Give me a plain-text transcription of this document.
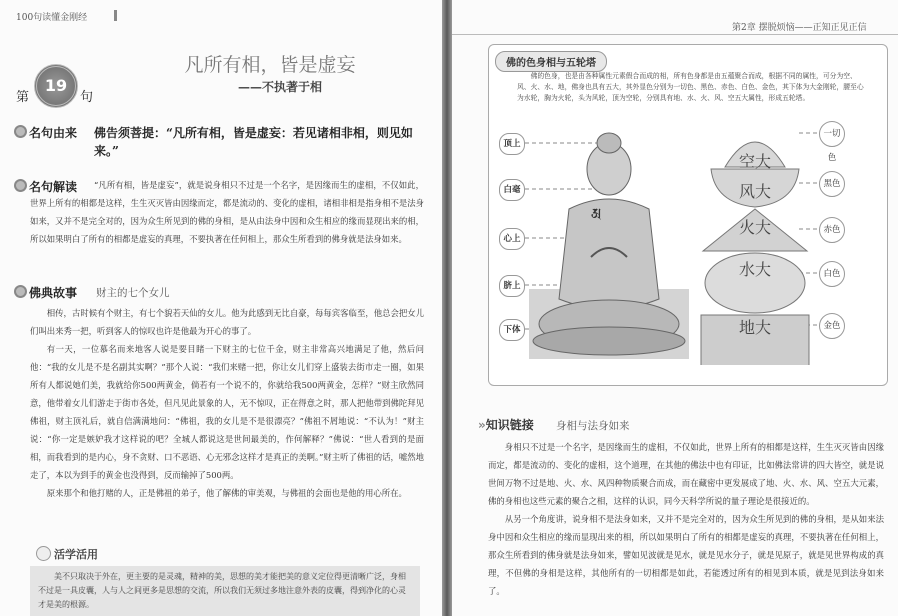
100句读懂金刚经
第
19
句
凡所有相，皆是虚妄
——不执著于相
名句由来 佛告须菩提：“凡所有相，皆是虚妄：若见诸相非相，则见如来。”
名句解读	“凡所有相，皆是虚妄”，就是说身相只不过是一个名字，是因缘而生的虚相，不仅如此，世界上所有的相都是这样，生生灭灭皆由因缘而定，都是流动的、变化的虚相，诸相非相是指身相不是法身如来，又并不是完全对的，因为众生所见到的佛的身相，是从由法身中因和众生相应的缘而显现出来的相，所以如果明白了所有的相都是虚妄的真理，不要执著在任何相上，那众生所看到的佛身就是法身如来。
佛典故事 财主的七个女儿

相传，古时候有个财主，有七个貌若天仙的女儿。他为此感到无比自豪，每每宾客临至，他总会把女儿们叫出来秀一把，听到客人的惊叹也许是他最为开心的事了。

有一天，一位慕名而来地客人说是要目睹一下财主的七位千金，财主非常高兴地满足了他，然后问他：“我的女儿是不是名副其实啊？”那个人说：“我们来赌一把，你让女儿们穿上盛装去街市走一圈，如果所有人都说她们美，我就给你500两黄金，倘若有一个说不的，你就给我500两黄金，怎样？”财主欣然同意，他带着女儿们游走于街市各处，但凡见此景象的人，无不惊叹，正在得意之时，那人把他带到佛陀拜见佛祖，财主顶礼后，就自信满满地问：“佛祖，我的女儿是不是很漂亮？”佛祖不屑地说：“不认为！”财主说：“你一定是嫉妒我才这样说的吧？全城人都说这是世间最美的，作何解释？”佛说：“世人看到的是面相，而我看到的是内心，身不贪财、口不恶语、心无邪念这样才是真正的美啊。”财主听了佛祖的话，嘘然地走了，本以为到手的黄金也没得到，反而输掉了500两。

原来那个和他打赌的人，正是佛祖的弟子，他了解佛的审美观，与佛祖的会面也是他的用心所在。

活学活用
美不只取决于外在，更主要的是灵魂，精神的美，思想的美才能把美的意义定位得更清晰广泛，身相不过是一具皮囊，人与人之间更多是思想的交流，所以我们无须过多地注意外表的皮囊，得到净化的心灵才是美的根源。
第2章 摆脱烦恼——正知正见正信
佛的色身相与五轮塔
佛的色身，也是由各种属性元素假合而成的相，所有色身都是由五蕴聚合而成，根据不同的属性，可分为空、风、火、水、地，佛身也具有五大，其外显色分别为一切色、黑色、赤色、白色、金色，其下体为大金刚轮，腰至心为水轮，胸为火轮，头为风轮，顶为空轮，分别具有地、水、火、风、空五大属性，形成五轮塔。
𑖀
空大
风大
火大
水大
地大
顶上
白毫
心上
脐上
下体
一切色
黑色
赤色
白色
金色
»知识链接 身相与法身如来

身相只不过是一个名字，是因缘而生的虚相，不仅如此，世界上所有的相都是这样，生生灭灭皆由因缘而定，都是流动的、变化的虚相，这个道理，在其他的佛法中也有印证，比如佛法常讲的四大皆空，就是说世间万物不过是地、火、水、风四种物质聚合而成，而在藏密中更发展成了地、火、水、风、空五大元素，佛的身相也这些元素的聚合之相，这样的认识，同今天科学所说的量子理论是很接近的。

从另一个角度讲，说身相不是法身如来，又并不是完全对的，因为众生所见到的佛的身相，是从如来法身中因和众生相应的缘而显现出来的相，所以如果明白了所有的相都是虚妄的真理，不要执著在任何相上，那众生所看到的佛身就是法身如来，譬如见波就是见水，就是见水分子，就是见原子，就是见世界构成的真理，不但佛的身相是这样，其他所有的一切相都是如此，若能透过所有的相见到本质，就是见到法身如来了。
